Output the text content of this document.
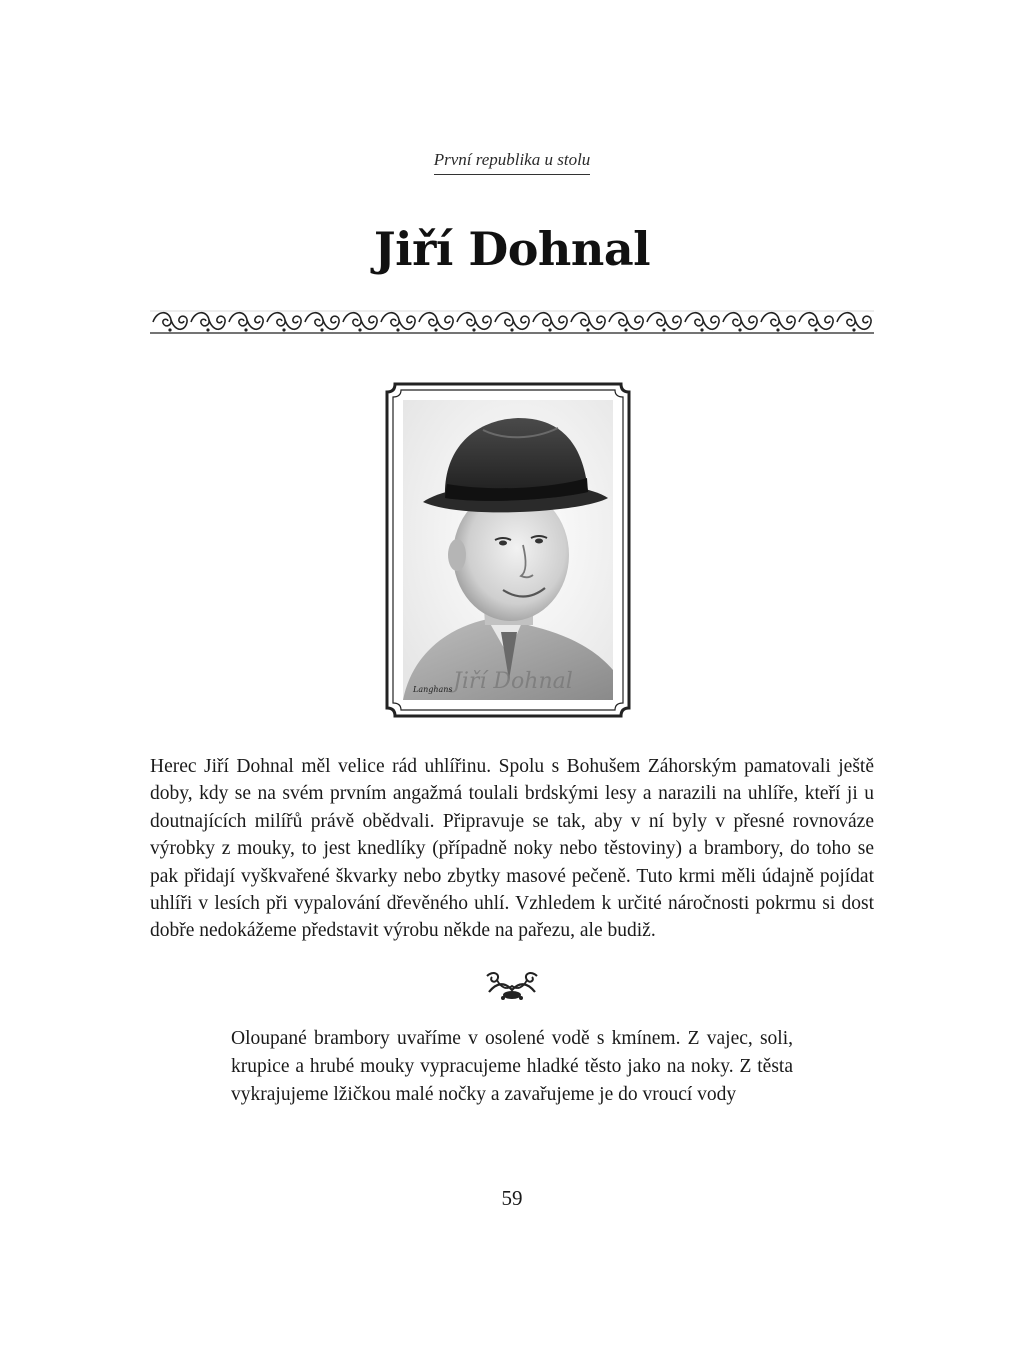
První republika u stolu
Jiří Dohnal
Jiří Dohnal
Langhans

Herec Jiří Dohnal měl velice rád uhlířinu. Spolu s Bohušem Záhorským pamatovali ještě doby, kdy se na svém prvním angažmá toulali brdskými lesy a narazili na uhlíře, kteří ji u doutnajících milířů právě obědvali. Připravuje se tak, aby v ní byly v přesné rovnováze výrobky z mouky, to jest knedlíky (případně noky nebo těstoviny) a brambory, do toho se pak přidají vyškvařené škvarky nebo zbytky masové pečeně. Tuto krmi měli údajně pojídat uhlíři v lesích při vypalování dřevěného uhlí. Vzhledem k určité náročnosti pokrmu si dost dobře nedokážeme představit výrobu někde na pařezu, ale budiž.

Oloupané brambory uvaříme v osolené vodě s kmínem. Z vajec, soli, krupice a hrubé mouky vypracujeme hladké těsto jako na noky. Z těsta vykrajujeme lžičkou malé nočky a zavařujeme je do vroucí vody

59
